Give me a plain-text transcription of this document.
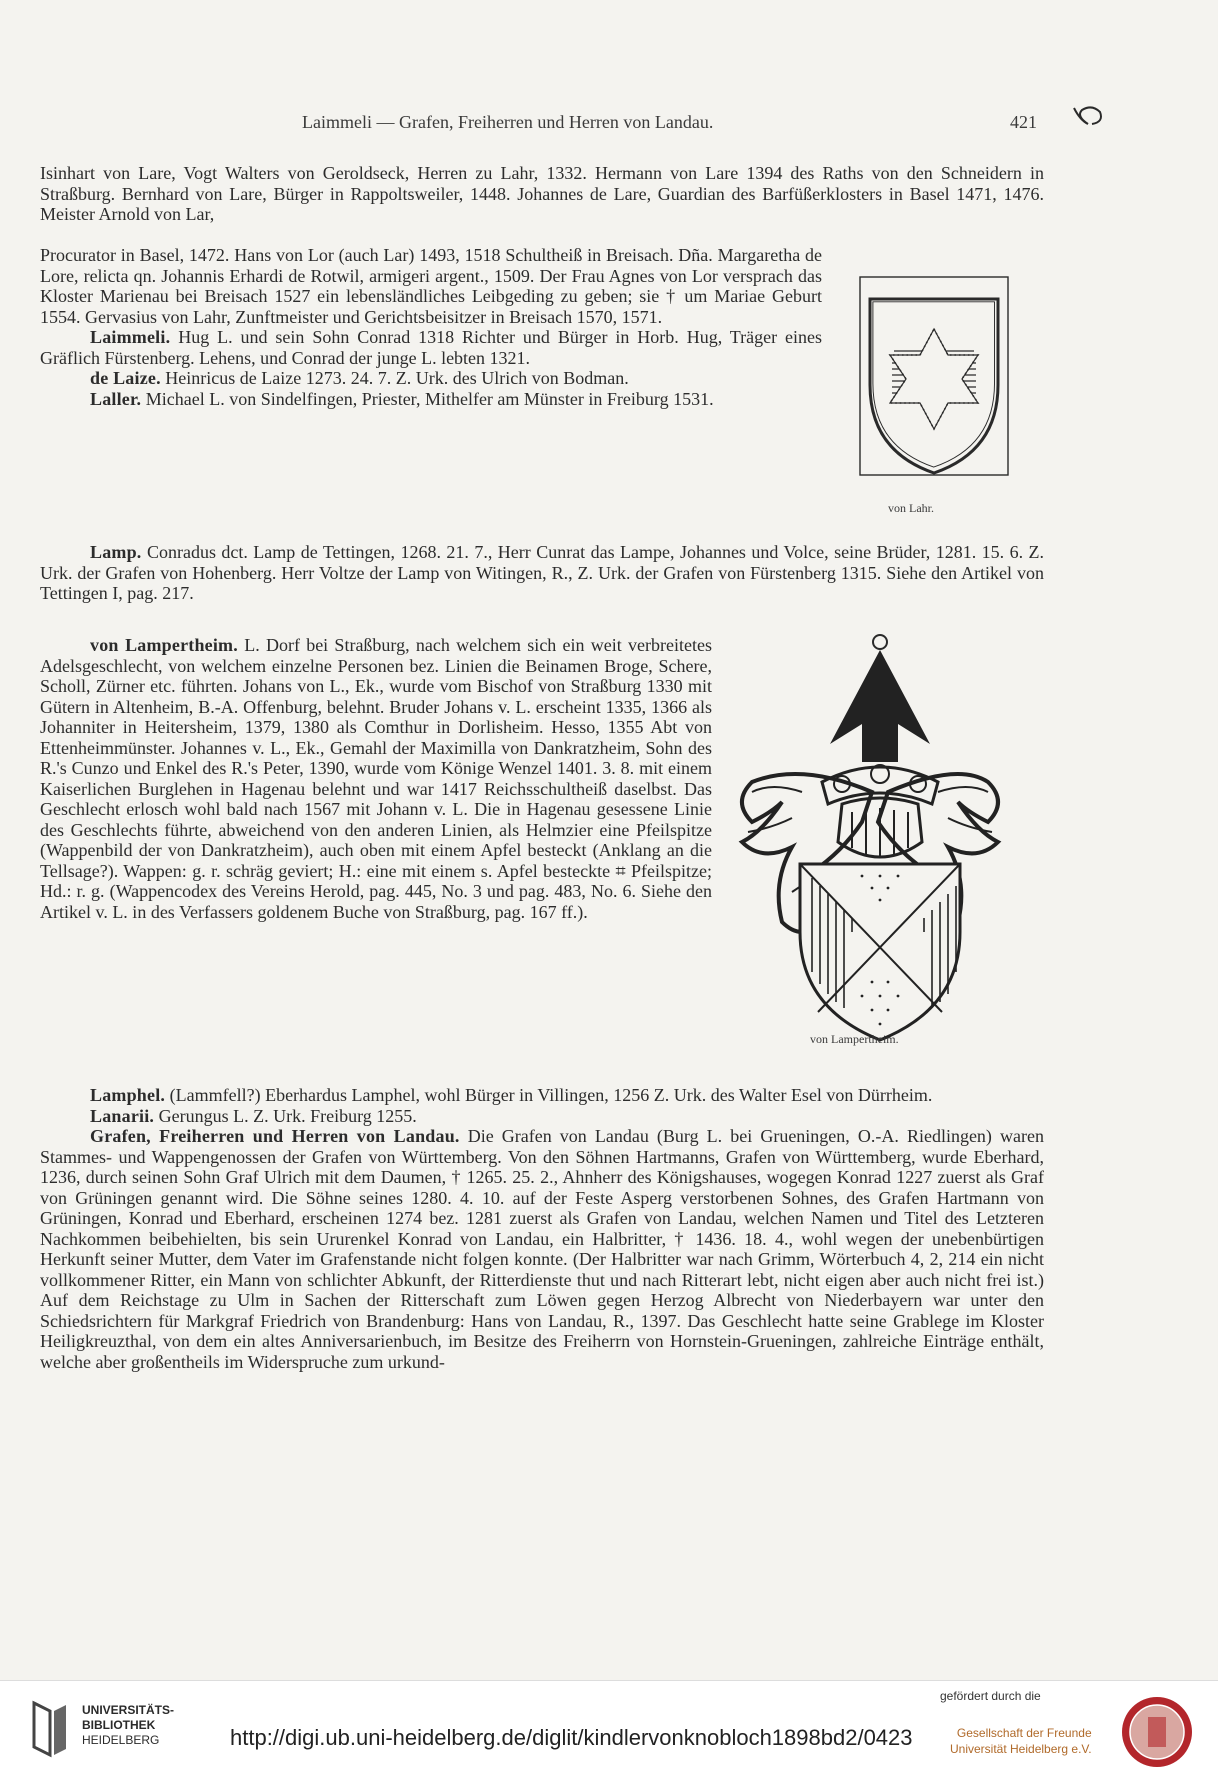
Laimmeli — Grafen, Freiherren und Herren von Landau.	421

Isinhart von Lare, Vogt Walters von Geroldseck, Herren zu Lahr, 1332. Hermann von Lare 1394 des Raths von den Schneidern in Straßburg. Bernhard von Lare, Bürger in Rappoltsweiler, 1448. Johannes de Lare, Guardian des Barfüßerklosters in Basel 1471, 1476. Meister Arnold von Lar,

Procurator in Basel, 1472. Hans von Lor (auch Lar) 1493, 1518 Schultheiß in Breisach. Dña. Margaretha de Lore, relicta qn. Johannis Erhardi de Rotwil, armigeri argent., 1509. Der Frau Agnes von Lor versprach das Kloster Marienau bei Breisach 1527 ein lebensländliches Leibgeding zu geben; sie † um Mariae Geburt 1554. Gervasius von Lahr, Zunftmeister und Gerichtsbeisitzer in Breisach 1570, 1571.

Laimmeli. Hug L. und sein Sohn Conrad 1318 Richter und Bürger in Horb. Hug, Träger eines Gräflich Fürstenberg. Lehens, und Conrad der junge L. lebten 1321.

de Laize. Heinricus de Laize 1273. 24. 7. Z. Urk. des Ulrich von Bodman.

Laller. Michael L. von Sindelfingen, Priester, Mithelfer am Münster in Freiburg 1531.

Lamp. Conradus dct. Lamp de Tettingen, 1268. 21. 7., Herr Cunrat das Lampe, Johannes und Volce, seine Brüder, 1281. 15. 6. Z. Urk. der Grafen von Hohenberg. Herr Voltze der Lamp von Witingen, R., Z. Urk. der Grafen von Fürstenberg 1315. Siehe den Artikel von Tettingen I, pag. 217.

von Lampertheim. L. Dorf bei Straßburg, nach welchem sich ein weit verbreitetes Adelsgeschlecht, von welchem einzelne Personen bez. Linien die Beinamen Broge, Schere, Scholl, Zürner etc. führten. Johans von L., Ek., wurde vom Bischof von Straßburg 1330 mit Gütern in Altenheim, B.-A. Offenburg, belehnt. Bruder Johans v. L. erscheint 1335, 1366 als Johanniter in Heitersheim, 1379, 1380 als Comthur in Dorlisheim. Hesso, 1355 Abt von Ettenheimmünster. Johannes v. L., Ek., Gemahl der Maximilla von Dankratzheim, Sohn des R.'s Cunzo und Enkel des R.'s Peter, 1390, wurde vom Könige Wenzel 1401. 3. 8. mit einem Kaiserlichen Burglehen in Hagenau belehnt und war 1417 Reichsschultheiß daselbst. Das Geschlecht erlosch wohl bald nach 1567 mit Johann v. L. Die in Hagenau gesessene Linie des Geschlechts führte, abweichend von den anderen Linien, als Helmzier eine Pfeilspitze (Wappenbild der von Dankratzheim), auch oben mit einem Apfel besteckt (Anklang an die Tellsage?). Wappen: g. r. schräg geviert; H.: eine mit einem s. Apfel besteckte ⌗ Pfeilspitze; Hd.: r. g. (Wappencodex des Vereins Herold, pag. 445, No. 3 und pag. 483, No. 6. Siehe den Artikel v. L. in des Verfassers goldenem Buche von Straßburg, pag. 167 ff.).

Lamphel. (Lammfell?) Eberhardus Lamphel, wohl Bürger in Villingen, 1256 Z. Urk. des Walter Esel von Dürrheim.

Lanarii. Gerungus L. Z. Urk. Freiburg 1255.

Grafen, Freiherren und Herren von Landau. Die Grafen von Landau (Burg L. bei Grueningen, O.-A. Riedlingen) waren Stammes- und Wappengenossen der Grafen von Württemberg. Von den Söhnen Hartmanns, Grafen von Württemberg, wurde Eberhard, 1236, durch seinen Sohn Graf Ulrich mit dem Daumen, † 1265. 25. 2., Ahnherr des Königshauses, wogegen Konrad 1227 zuerst als Graf von Grüningen genannt wird. Die Söhne seines 1280. 4. 10. auf der Feste Asperg verstorbenen Sohnes, des Grafen Hartmann von Grüningen, Konrad und Eberhard, erscheinen 1274 bez. 1281 zuerst als Grafen von Landau, welchen Namen und Titel des Letzteren Nachkommen beibehielten, bis sein Ururenkel Konrad von Landau, ein Halbritter, † 1436. 18. 4., wohl wegen der unebenbürtigen Herkunft seiner Mutter, dem Vater im Grafenstande nicht folgen konnte. (Der Halbritter war nach Grimm, Wörterbuch 4, 2, 214 ein nicht vollkommener Ritter, ein Mann von schlichter Abkunft, der Ritterdienste thut und nach Ritterart lebt, nicht eigen aber auch nicht frei ist.) Auf dem Reichstage zu Ulm in Sachen der Ritterschaft zum Löwen gegen Herzog Albrecht von Niederbayern war unter den Schiedsrichtern für Markgraf Friedrich von Brandenburg: Hans von Landau, R., 1397. Das Geschlecht hatte seine Grablege im Kloster Heiligkreuzthal, von dem ein altes Anniversarienbuch, im Besitze des Freiherrn von Hornstein-Grueningen, zahlreiche Einträge enthält, welche aber großentheils im Widerspruche zum urkund-

von Lahr.
von Lampertheim.
UNIVERSITÄTS-
BIBLIOTHEK
HEIDELBERG	http://digi.ub.uni-heidelberg.de/diglit/kindlervonknobloch1898bd2/0423
gefördert durch die
Gesellschaft der Freunde
Universität Heidelberg e.V.
